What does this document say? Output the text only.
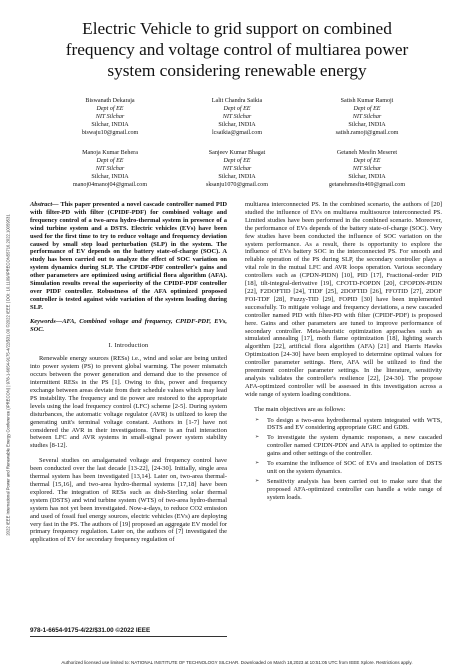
Electric Vehicle to grid support on combined
frequency and voltage control of multiarea power
system considering renewable energy
Biswanath Dekaraja
Dept of EE
NIT Silchar
Silchar, INDIA
biswaju10@gmail.com
Lalit Chandra Saikia
Dept of EE
NIT Silchar
Silchar, INDIA
lcsaikia@gmail.com
Satish Kumar Ramoji
Dept of EE
NIT Silchar
Silchar, INDIA
satish.ramoji@gmail.com
Manoja Kumar Behera
Dept of EE
NIT Silchar
Silchar, INDIA
manoj04manoj04@gmail.com
Sanjeev Kumar Bhagat
Dept of EE
NIT Silchar
Silchar, INDIA
sksanju1070@gmail.com
Getaneh Mesfin Meseret
Dept of EE
NIT Silchar
Silchar, INDIA
getanehmesfin469@gmail.com
2022 IEEE International Power and Renewable Energy Conference (IPRECON) | 978-1-6654-9175-4/22/$31.00 ©2022 IEEE | DOI: 10.1109/IPRECON55716.2022.10059531

Abstract— This paper presented a novel cascade controller named PID with filter-PD with filter (CPIDF-PDF) for combined voltage and frequency control of a two-area hydro-thermal system in presence of a wind turbine system and a DSTS. Electric vehicles (EVs) have been used for the first time to try to reduce voltage and frequency deviation caused by small step load perturbation (SLP) in the system. The performance of EV depends on the battery state-of-charge (SOC). A study has been carried out to analyze the effect of SOC variation on system dynamics during SLP. The CPIDF-PDF controller's gains and other parameters are optimized using artificial flora algorithm (AFA). Simulation results reveal the superiority of the CPIDF-PDF controller over PIDF controller. Robustness of the AFA optimized proposed controller is tested against wide variation of the system loading during SLP.

Keywords—AFA, Combined voltage and frequency, CPIDF-PDF, EVs, SOC.

I. Introduction

Renewable energy sources (RESs) i.e., wind and solar are being united into power system (PS) to prevent global warming. The power mismatch occurs between the power generation and demand due to the presence of intermittent RESs in the PS [1]. Owing to this, power and frequency exchange between areas deviate from their schedule values which may lead PS instability. The frequency and tie power are restored to the appropriate levels using the load frequency control (LFC) scheme [2-5]. During system disturbances, the automatic voltage regulator (AVR) is utilized to keep the generating unit's terminal voltage constant. Authors in [1-7] have not considered the AVR in their investigations. There is an frail interaction between LFC and AVR systems in small-signal power system stability studies [8-12].

Several studies on amalgamated voltage and frequency control have been conducted over the last decade [13-22], [24-30]. Initially, single area thermal system has been investigated [13,14]. Later on, two-area thermal-thermal [15,16], and two-area hydro-thermal systems [17,18] have been explored. The integration of RESs such as dish-Sterling solar thermal system (DSTS) and wind turbine system (WTS) of two-area hydro-thermal system has not yet been investigated. Now-a-days, to reduce CO2 emission and used of fossil fuel energy sources, electric vehicles (EVs) are deploying very fast in the PS. The authors of [19] proposed an aggregate EV model for primary frequency regulation. Later on, the authors of [7] investigated the application of EV for secondary frequency regulation of

multiarea interconnected PS. In the combined scenario, the authors of [20] studied the influence of EVs on multiarea multisource interconnected PS. Limited studies have been performed in the combined scenario. Moreover, the performance of EVs depends of the battery state-of-charge (SOC). Very few studies have been conducted the influence of SOC variation on the system performance. As a result, there is opportunity to explore the influence of EVs battery SOC in the interconnected PS. For smooth and reliable operation of the PS during SLP, the secondary controller plays a vital role in the mutual LFC and AVR loops operation. Various secondary controllers such as (CPDN-PIDN) [10], PID [17], Fractional-order PID [18], tilt-integral-derivative [19], CFOTD-FOPDN [20], CFOPDN-PIDN [22], F2DOFTID [24], TIDF [25], 2DOFTID [26], FFOTID [27], 2DOF FOI-TDF [28], Fuzzy-TID [29], FOPID [30] have been implemented successfully. To mitigate voltage and frequency deviations, a new cascaded controller named PID with filter-PD with filter (CPIDF-PDF) is proposed here. Gains and other parameters are tuned to improve performance of secondary controller. Meta-heuristic optimization approaches such as simulated annealing [17], moth flame optimization [18], lighting search algorithm [22], artificial flora algorithm (AFA) [21] and Harris Hawks Optimization [24-30] have been employed to determine optimal values for controller parameter settings. Here, AFA will be utilized to find the preeminent controller parameter settings. In the literature, sensitivity analysis validates the controller's resilience [22], [24-30]. The propose AFA-optimized controller will be assessed in this investigation across a wide range of system loading conditions.

The main objectives are as follows:

➢ To design a two-area hydrothermal system integrated with WTS, DSTS and EV considering appropriate GRC and GDB.
➢ To investigate the system dynamic responses, a new cascaded controller named CPIDN-PDN and AFA is applied to optimize the gains and other settings of the controller.
➢ To examine the influence of SOC of EVs and insolation of DSTS unit on the system dynamics.
➢ Sensitivity analysis has been carried out to make sure that the proposed AFA-optimized controller can handle a wide range of system loads.
978-1-6654-9175-4/22/$31.00 ©2022 IEEE
Authorized licensed use limited to: NATIONAL INSTITUTE OF TECHNOLOGY SILCHAR. Downloaded on March 18,2023 at 10:51:05 UTC from IEEE Xplore. Restrictions apply.
